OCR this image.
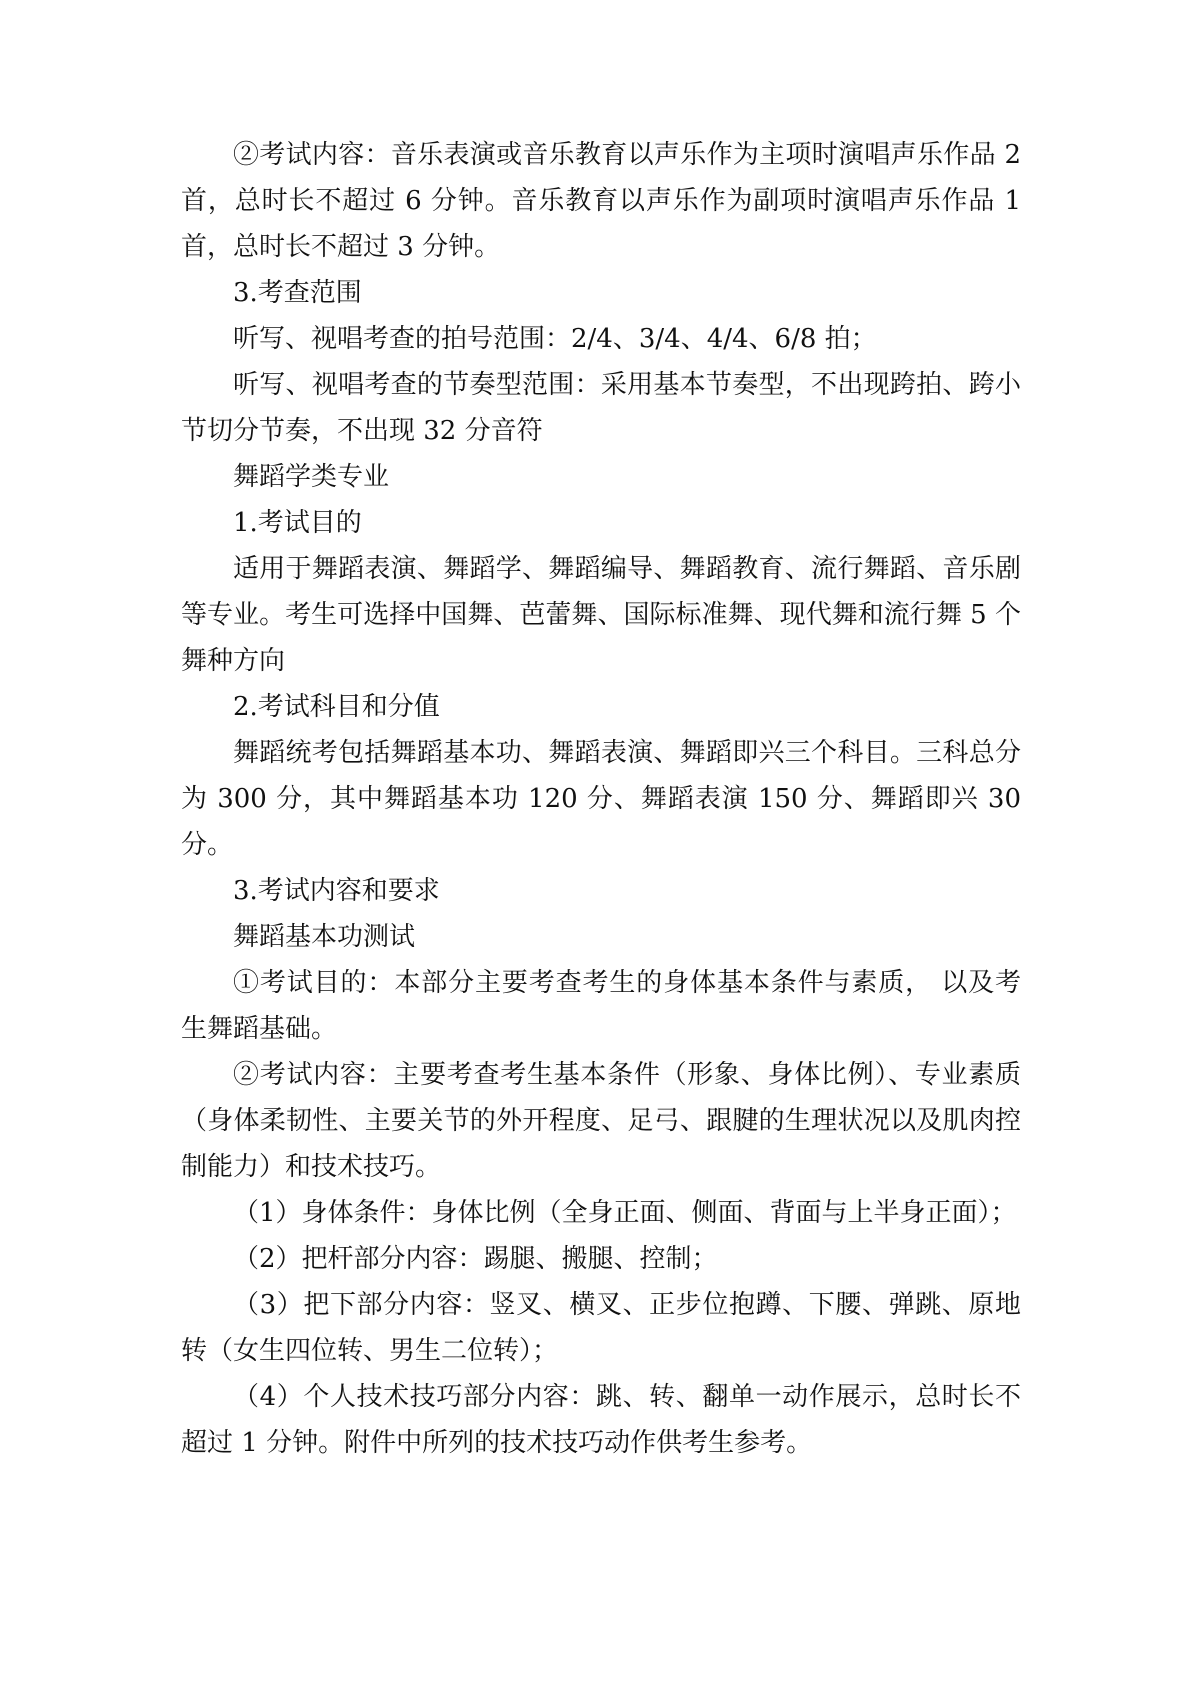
②考试内容：音乐表演或音乐教育以声乐作为主项时演唱声乐作品 2 首，总时长不超过 6 分钟。音乐教育以声乐作为副项时演唱声乐作品 1 首，总时长不超过 3 分钟。

3.考查范围

听写、视唱考查的拍号范围：2/4、3/4、4/4、6/8 拍；

听写、视唱考查的节奏型范围：采用基本节奏型，不出现跨拍、跨小节切分节奏，不出现 32 分音符

舞蹈学类专业

1.考试目的

适用于舞蹈表演、舞蹈学、舞蹈编导、舞蹈教育、流行舞蹈、音乐剧等专业。考生可选择中国舞、芭蕾舞、国际标准舞、现代舞和流行舞 5 个舞种方向

2.考试科目和分值

舞蹈统考包括舞蹈基本功、舞蹈表演、舞蹈即兴三个科目。三科总分为 300 分，其中舞蹈基本功 120 分、舞蹈表演 150 分、舞蹈即兴 30 分。

3.考试内容和要求

舞蹈基本功测试

①考试目的：本部分主要考查考生的身体基本条件与素质， 以及考生舞蹈基础。

②考试内容：主要考查考生基本条件（形象、身体比例）、专业素质（身体柔韧性、主要关节的外开程度、足弓、跟腱的生理状况以及肌肉控制能力）和技术技巧。

（1）身体条件：身体比例（全身正面、侧面、背面与上半身正面）；

（2）把杆部分内容：踢腿、搬腿、控制；

（3）把下部分内容：竖叉、横叉、正步位抱蹲、下腰、弹跳、原地转（女生四位转、男生二位转）；

（4）个人技术技巧部分内容：跳、转、翻单一动作展示，总时长不超过 1 分钟。附件中所列的技术技巧动作供考生参考。
